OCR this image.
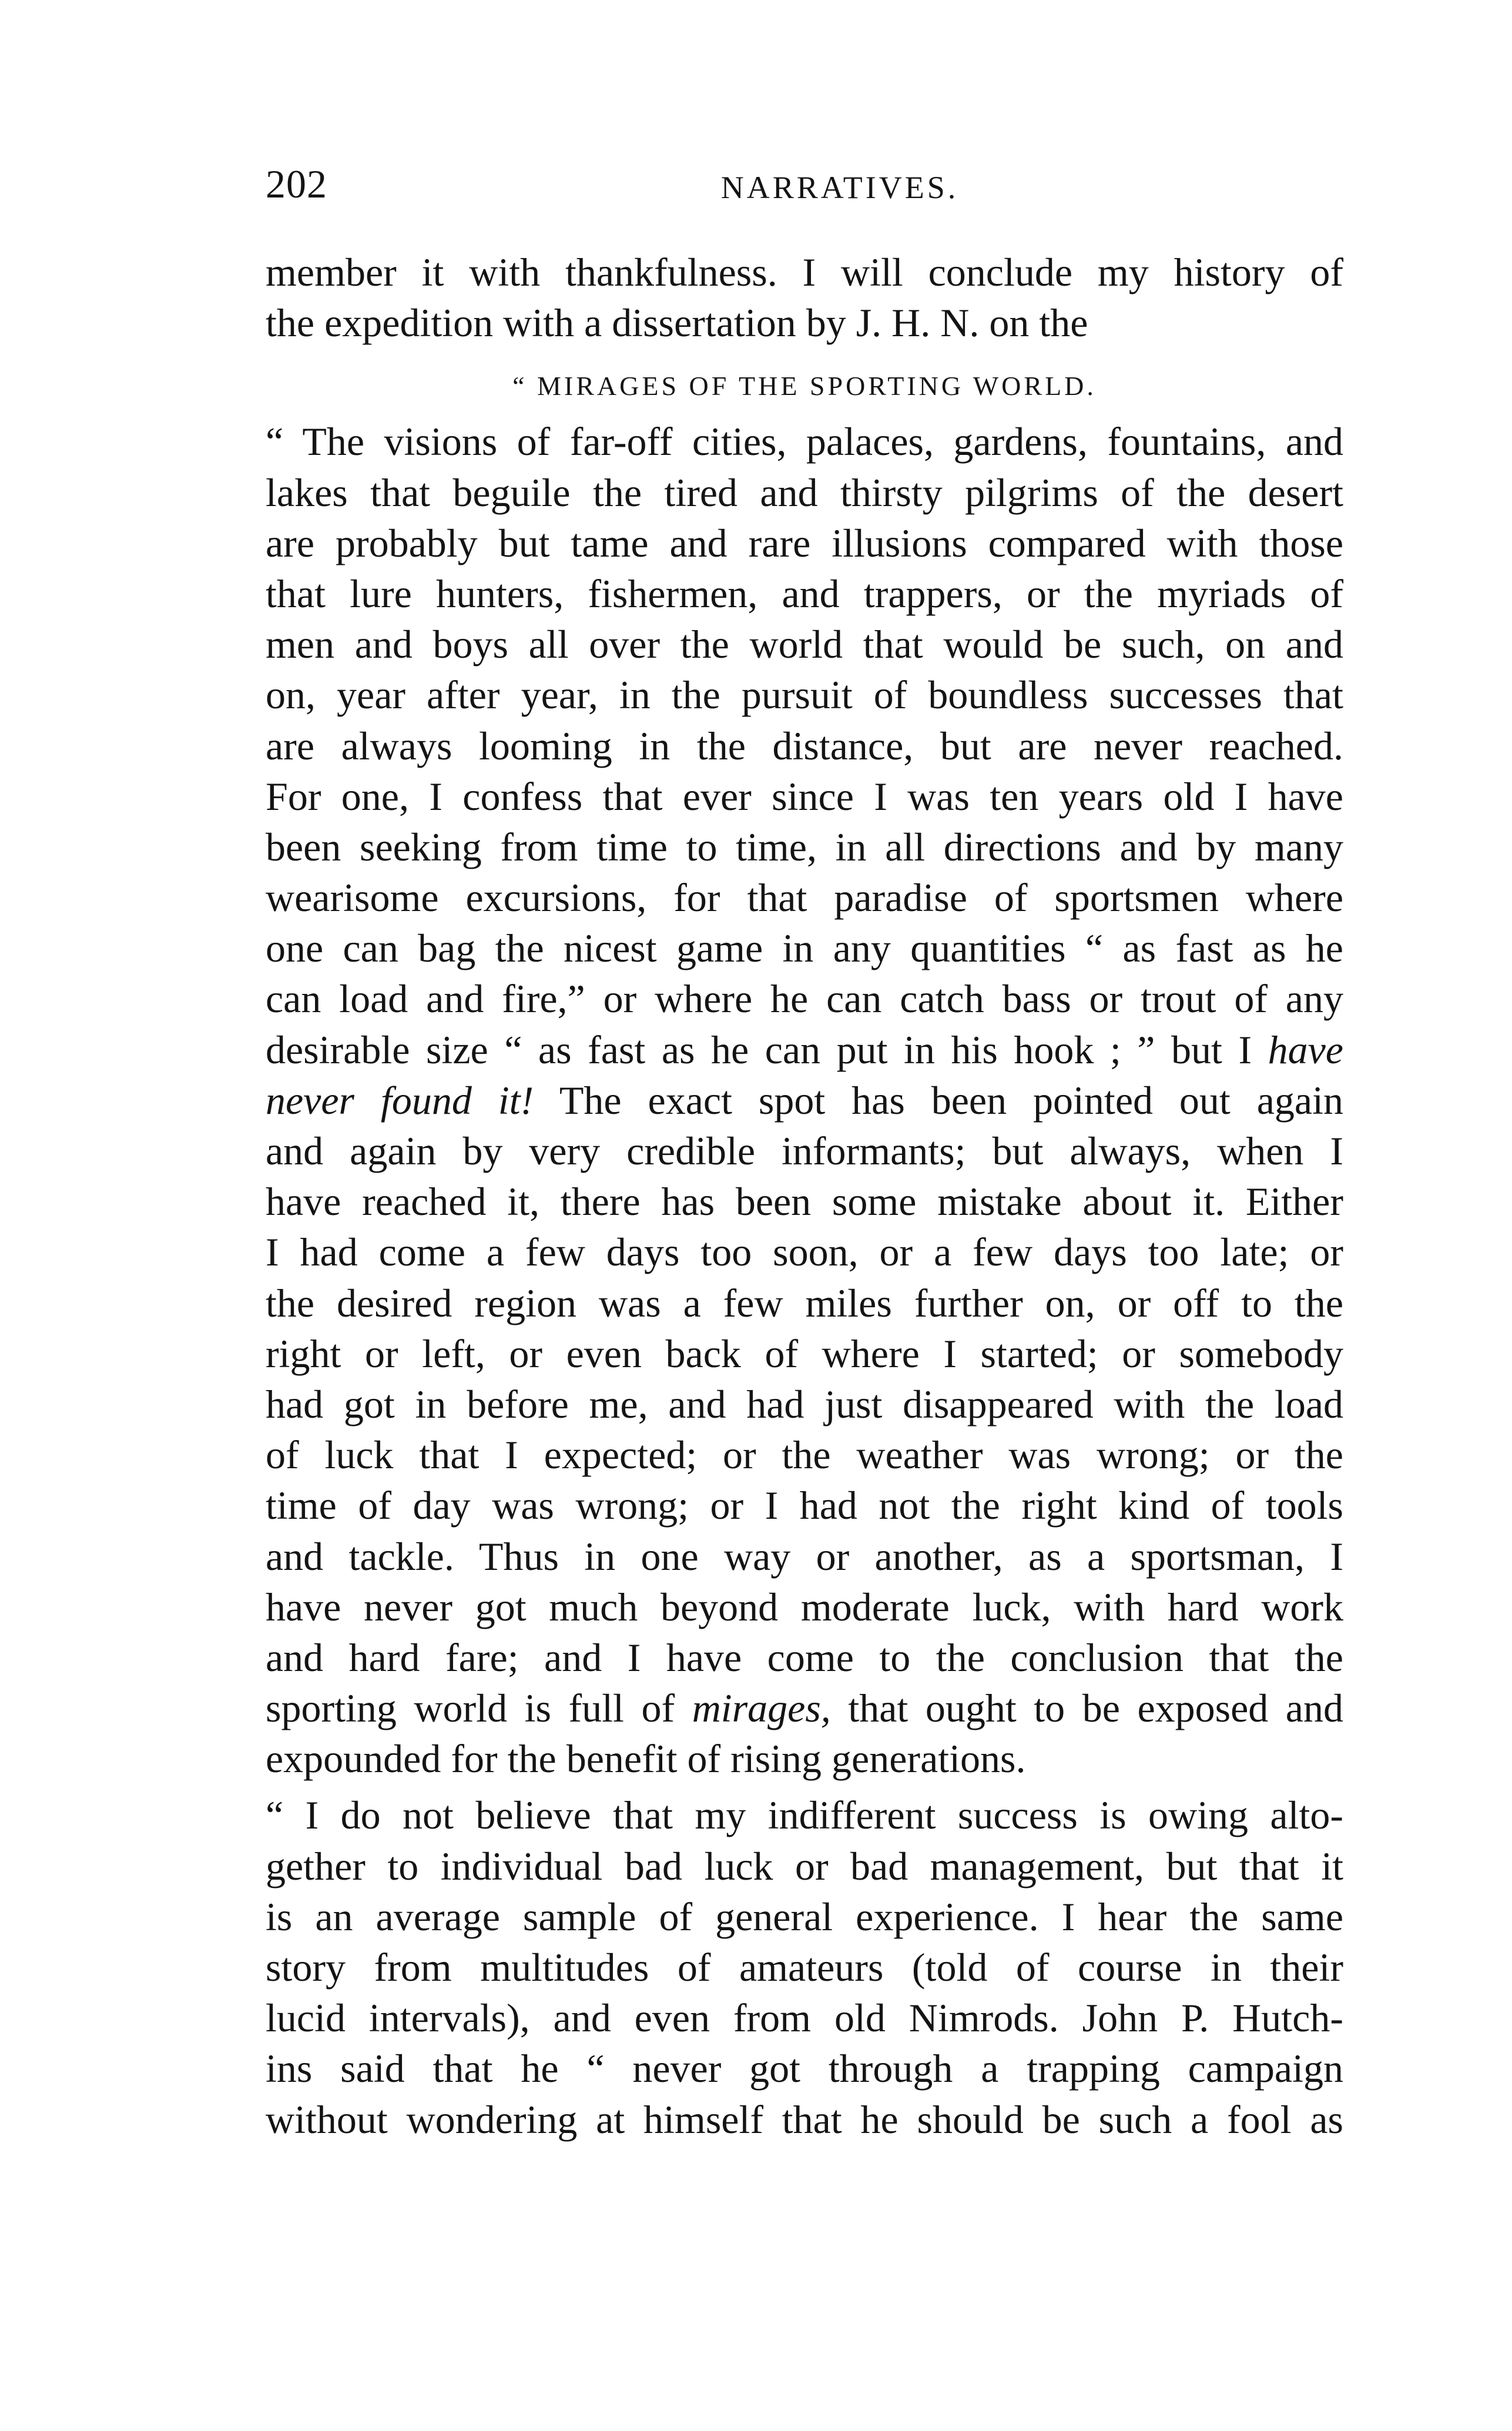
202	NARRATIVES.
member it with thankfulness. I will conclude my history of
the expedition with a dissertation by J. H. N. on the
“ MIRAGES OF THE SPORTING WORLD.
“ The visions of far-off cities, palaces, gardens, fountains, and
lakes that beguile the tired and thirsty pilgrims of the desert
are probably but tame and rare illusions compared with those
that lure hunters, fishermen, and trappers, or the myriads of
men and boys all over the world that would be such, on and
on, year after year, in the pursuit of boundless successes that
are always looming in the distance, but are never reached.
For one, I confess that ever since I was ten years old I have
been seeking from time to time, in all directions and by many
wearisome excursions, for that paradise of sportsmen where
one can bag the nicest game in any quantities “ as fast as he
can load and fire,” or where he can catch bass or trout of any
desirable size “ as fast as he can put in his hook ; ” but I have
never found it! The exact spot has been pointed out again
and again by very credible informants; but always, when I
have reached it, there has been some mistake about it. Either
I had come a few days too soon, or a few days too late; or
the desired region was a few miles further on, or off to the
right or left, or even back of where I started; or somebody
had got in before me, and had just disappeared with the load
of luck that I expected; or the weather was wrong; or the
time of day was wrong; or I had not the right kind of tools
and tackle. Thus in one way or another, as a sportsman, I
have never got much beyond moderate luck, with hard work
and hard fare; and I have come to the conclusion that the
sporting world is full of mirages, that ought to be exposed and
expounded for the benefit of rising generations.
“ I do not believe that my indifferent success is owing alto-
gether to individual bad luck or bad management, but that it
is an average sample of general experience. I hear the same
story from multitudes of amateurs (told of course in their
lucid intervals), and even from old Nimrods. John P. Hutch-
ins said that he “ never got through a trapping campaign
without wondering at himself that he should be such a fool as
